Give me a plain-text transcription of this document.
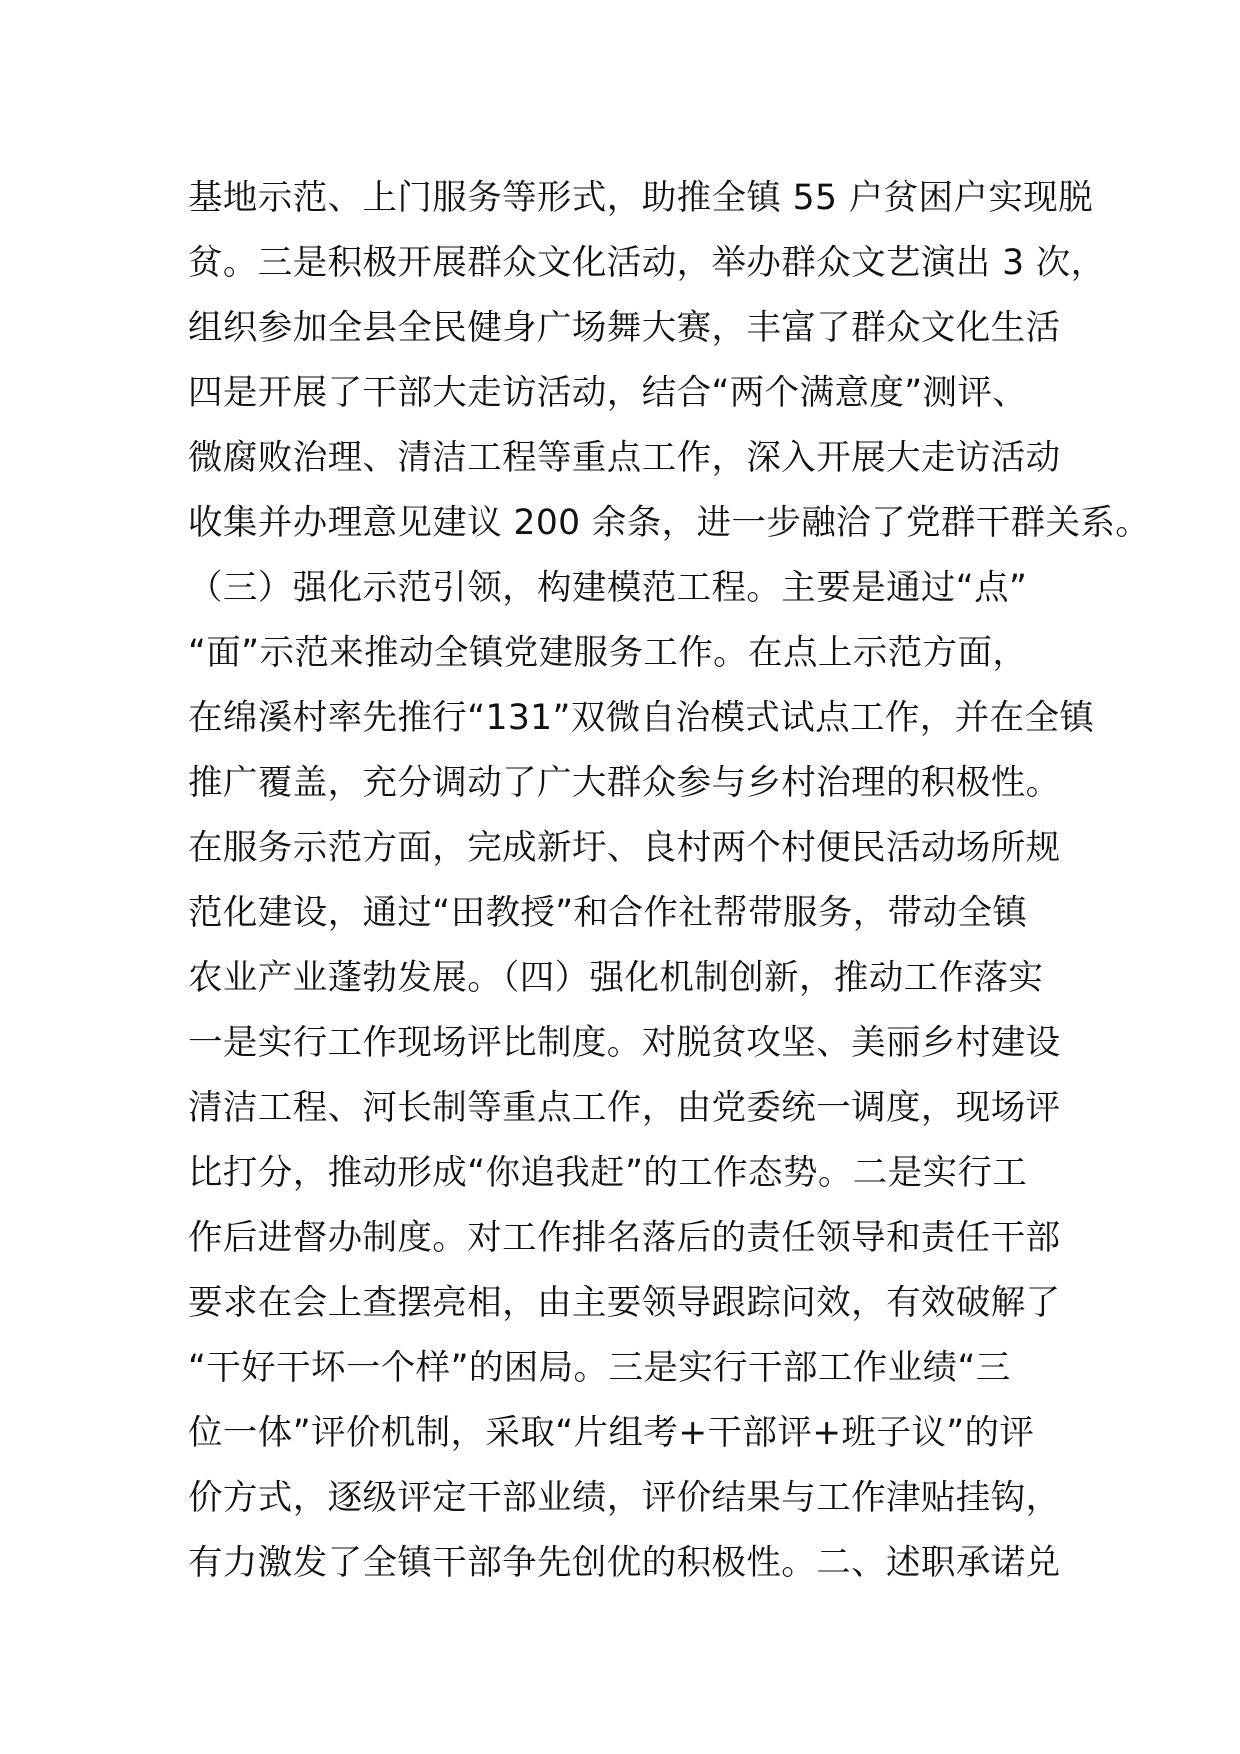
基地示范、上门服务等形式，助推全镇 55 户贫困户实现脱
贫。三是积极开展群众文化活动，举办群众文艺演出 3 次，
组织参加全县全民健身广场舞大赛，丰富了群众文化生活
四是开展了干部大走访活动，结合“两个满意度”测评、
微腐败治理、清洁工程等重点工作，深入开展大走访活动
收集并办理意见建议 200 余条，进一步融洽了党群干群关系。
（三）强化示范引领，构建模范工程。主要是通过“点”
“面”示范来推动全镇党建服务工作。在点上示范方面，
在绵溪村率先推行“131”双微自治模式试点工作，并在全镇
推广覆盖，充分调动了广大群众参与乡村治理的积极性。
在服务示范方面，完成新圩、良村两个村便民活动场所规
范化建设，通过“田教授”和合作社帮带服务，带动全镇
农业产业蓬勃发展。（四）强化机制创新，推动工作落实
一是实行工作现场评比制度。对脱贫攻坚、美丽乡村建设
清洁工程、河长制等重点工作，由党委统一调度，现场评
比打分，推动形成“你追我赶”的工作态势。二是实行工
作后进督办制度。对工作排名落后的责任领导和责任干部
要求在会上查摆亮相，由主要领导跟踪问效，有效破解了
“干好干坏一个样”的困局。三是实行干部工作业绩“三
位一体”评价机制，采取“片组考+干部评+班子议”的评
价方式，逐级评定干部业绩，评价结果与工作津贴挂钩，
有力激发了全镇干部争先创优的积极性。二、述职承诺兑
